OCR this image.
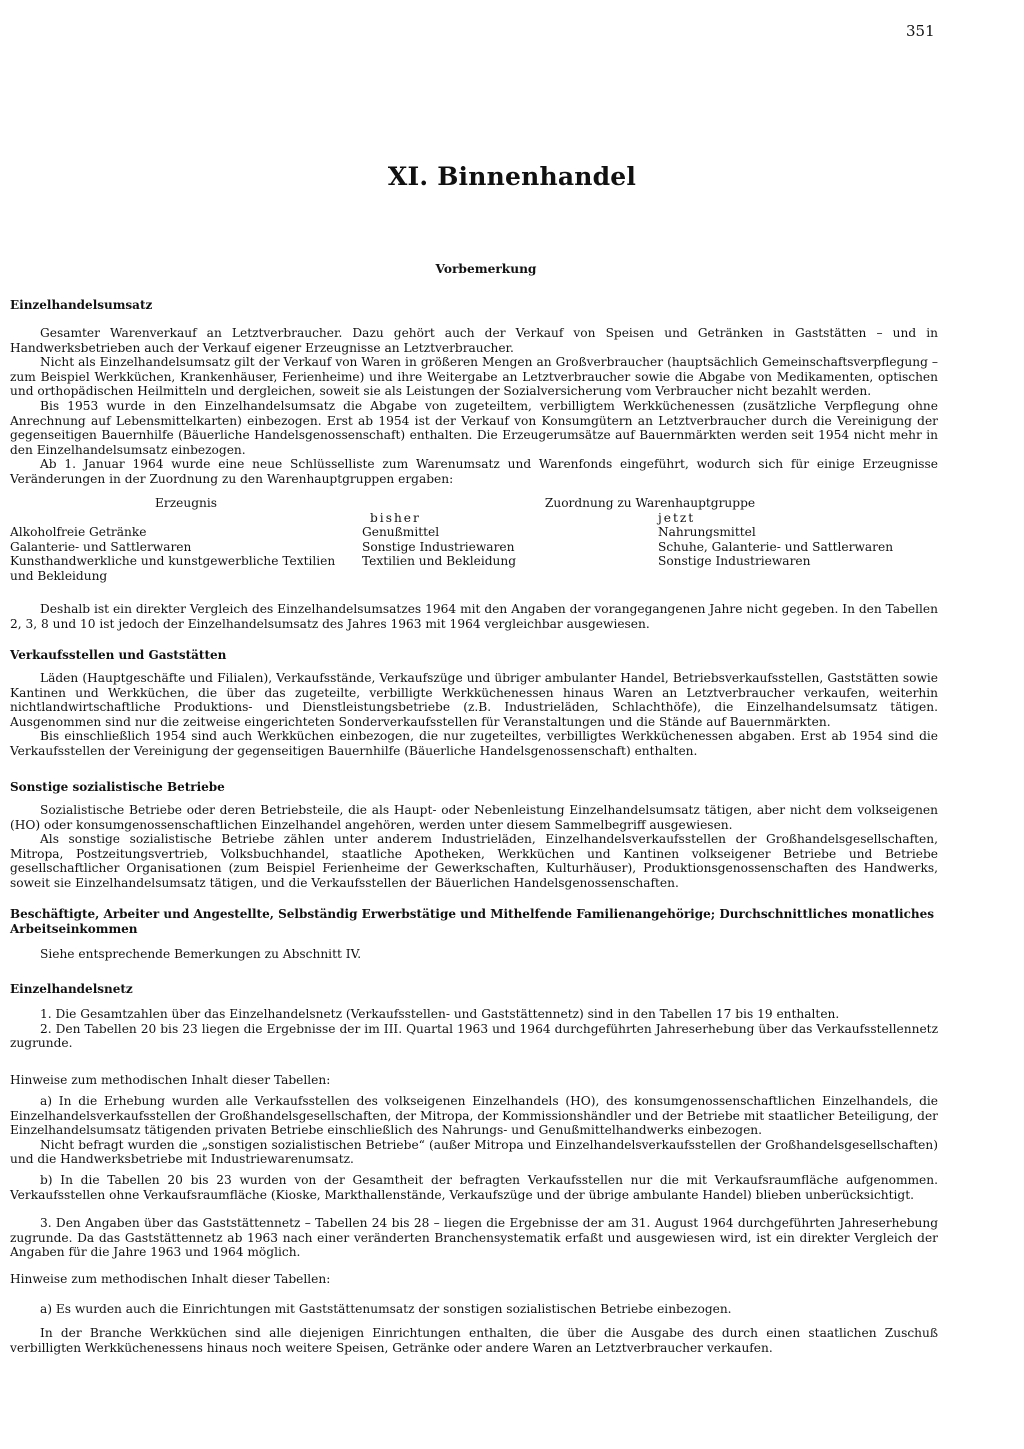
351
XI. Binnenhandel
Vorbemerkung
Einzelhandelsumsatz

Gesamter Warenverkauf an Letztverbraucher. Dazu gehört auch der Verkauf von Speisen und Getränken in Gaststätten – und in Handwerksbetrieben auch der Verkauf eigener Erzeugnisse an Letztverbraucher.

Nicht als Einzelhandelsumsatz gilt der Verkauf von Waren in größeren Mengen an Großverbraucher (hauptsächlich Gemeinschaftsverpflegung – zum Beispiel Werkküchen, Krankenhäuser, Ferienheime) und ihre Weitergabe an Letztverbraucher sowie die Abgabe von Medikamenten, optischen und orthopädischen Heilmitteln und dergleichen, soweit sie als Leistungen der Sozialversicherung vom Verbraucher nicht bezahlt werden.

Bis 1953 wurde in den Einzelhandelsumsatz die Abgabe von zugeteiltem, verbilligtem Werkküchenessen (zusätzliche Verpflegung ohne Anrechnung auf Lebensmittelkarten) einbezogen. Erst ab 1954 ist der Verkauf von Konsumgütern an Letztverbraucher durch die Vereinigung der gegenseitigen Bauernhilfe (Bäuerliche Handelsgenossenschaft) enthalten. Die Erzeugerumsätze auf Bauernmärkten werden seit 1954 nicht mehr in den Einzelhandelsumsatz einbezogen.

Ab 1. Januar 1964 wurde eine neue Schlüsselliste zum Warenumsatz und Warenfonds eingeführt, wodurch sich für einige Erzeugnisse Veränderungen in der Zuordnung zu den Warenhauptgruppen ergaben:

Erzeugnis	Zuordnung zu Warenhauptgruppe	
	bisher	jetzt
Alkoholfreie Getränke	Genußmittel	Nahrungsmittel
Galanterie- und Sattlerwaren	Sonstige Industriewaren	Schuhe, Galanterie- und Sattlerwaren
Kunsthandwerkliche und kunstgewerbliche Textilien und Bekleidung	Textilien und Bekleidung	Sonstige Industriewaren

Deshalb ist ein direkter Vergleich des Einzelhandelsumsatzes 1964 mit den Angaben der vorangegangenen Jahre nicht gegeben. In den Tabellen 2, 3, 8 und 10 ist jedoch der Einzelhandelsumsatz des Jahres 1963 mit 1964 vergleichbar ausgewiesen.

Verkaufsstellen und Gaststätten

Läden (Hauptgeschäfte und Filialen), Verkaufsstände, Verkaufszüge und übriger ambulanter Handel, Betriebsverkaufsstellen, Gaststätten sowie Kantinen und Werkküchen, die über das zugeteilte, verbilligte Werkküchenessen hinaus Waren an Letztverbraucher verkaufen, weiterhin nichtlandwirtschaftliche Produktions- und Dienstleistungsbetriebe (z.B. Industrieläden, Schlachthöfe), die Einzelhandelsumsatz tätigen. Ausgenommen sind nur die zeitweise eingerichteten Sonderverkaufsstellen für Veranstaltungen und die Stände auf Bauernmärkten.

Bis einschließlich 1954 sind auch Werkküchen einbezogen, die nur zugeteiltes, verbilligtes Werkküchenessen abgaben. Erst ab 1954 sind die Verkaufsstellen der Vereinigung der gegenseitigen Bauernhilfe (Bäuerliche Handelsgenossenschaft) enthalten.

Sonstige sozialistische Betriebe

Sozialistische Betriebe oder deren Betriebsteile, die als Haupt- oder Nebenleistung Einzelhandelsumsatz tätigen, aber nicht dem volkseigenen (HO) oder konsumgenossenschaftlichen Einzelhandel angehören, werden unter diesem Sammelbegriff ausgewiesen.

Als sonstige sozialistische Betriebe zählen unter anderem Industrieläden, Einzelhandelsverkaufsstellen der Großhandelsgesellschaften, Mitropa, Postzeitungsvertrieb, Volksbuchhandel, staatliche Apotheken, Werkküchen und Kantinen volkseigener Betriebe und Betriebe gesellschaftlicher Organisationen (zum Beispiel Ferienheime der Gewerkschaften, Kulturhäuser), Produktionsgenossenschaften des Handwerks, soweit sie Einzelhandelsumsatz tätigen, und die Verkaufsstellen der Bäuerlichen Handelsgenossenschaften.

Beschäftigte, Arbeiter und Angestellte, Selbständig Erwerbstätige und Mithelfende Familienangehörige; Durchschnittliches monatliches Arbeitseinkommen

Siehe entsprechende Bemerkungen zu Abschnitt IV.

Einzelhandelsnetz

1. Die Gesamtzahlen über das Einzelhandelsnetz (Verkaufsstellen- und Gaststättennetz) sind in den Tabellen 17 bis 19 enthalten.

2. Den Tabellen 20 bis 23 liegen die Ergebnisse der im III. Quartal 1963 und 1964 durchgeführten Jahreserhebung über das Verkaufsstellennetz zugrunde.

Hinweise zum methodischen Inhalt dieser Tabellen:

a) In die Erhebung wurden alle Verkaufsstellen des volkseigenen Einzelhandels (HO), des konsumgenossenschaftlichen Einzelhandels, die Einzelhandelsverkaufsstellen der Großhandelsgesellschaften, der Mitropa, der Kommissionshändler und der Betriebe mit staatlicher Beteiligung, der Einzelhandelsumsatz tätigenden privaten Betriebe einschließlich des Nahrungs- und Genußmittelhandwerks einbezogen.

Nicht befragt wurden die „sonstigen sozialistischen Betriebe“ (außer Mitropa und Einzelhandelsverkaufsstellen der Großhandelsgesellschaften) und die Handwerksbetriebe mit Industriewarenumsatz.

b) In die Tabellen 20 bis 23 wurden von der Gesamtheit der befragten Verkaufsstellen nur die mit Verkaufsraumfläche aufgenommen. Verkaufsstellen ohne Verkaufsraumfläche (Kioske, Markthallenstände, Verkaufszüge und der übrige ambulante Handel) blieben unberücksichtigt.

3. Den Angaben über das Gaststättennetz – Tabellen 24 bis 28 – liegen die Ergebnisse der am 31. August 1964 durchgeführten Jahreserhebung zugrunde. Da das Gaststättennetz ab 1963 nach einer veränderten Branchensystematik erfaßt und ausgewiesen wird, ist ein direkter Vergleich der Angaben für die Jahre 1963 und 1964 möglich.

Hinweise zum methodischen Inhalt dieser Tabellen:

a) Es wurden auch die Einrichtungen mit Gaststättenumsatz der sonstigen sozialistischen Betriebe einbezogen.

In der Branche Werkküchen sind alle diejenigen Einrichtungen enthalten, die über die Ausgabe des durch einen staatlichen Zuschuß verbilligten Werkküchenessens hinaus noch weitere Speisen, Getränke oder andere Waren an Letztverbraucher verkaufen.
